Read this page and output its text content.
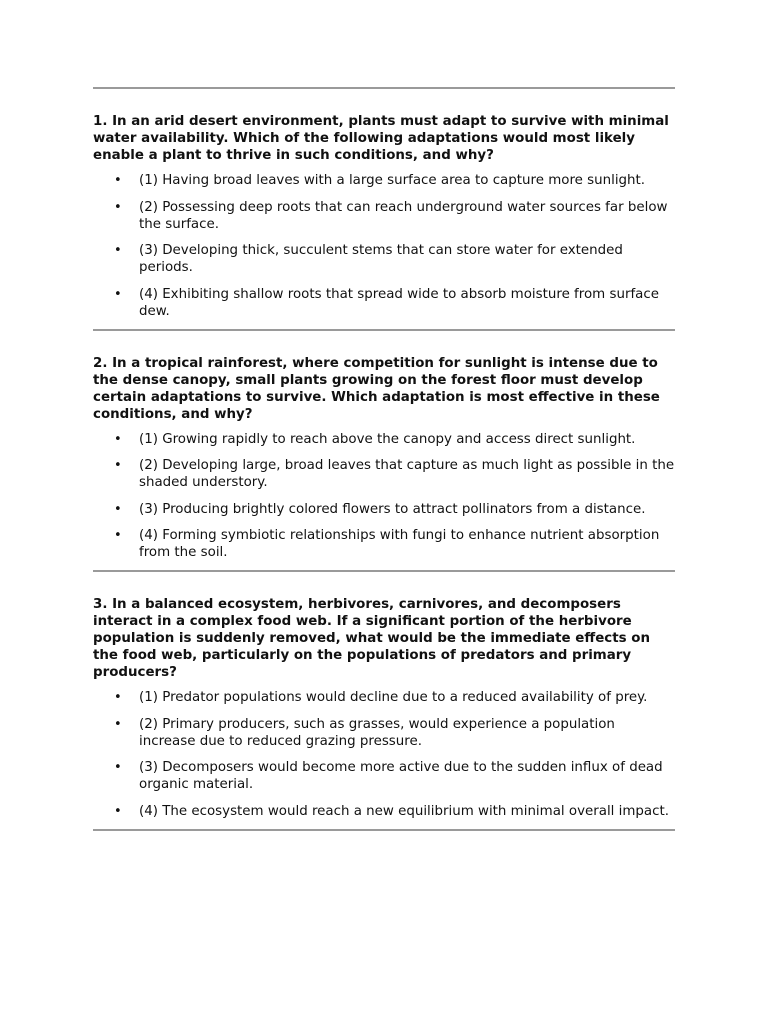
1. In an arid desert environment, plants must adapt to survive with minimal water availability. Which of the following adaptations would most likely enable a plant to thrive in such conditions, and why?

• (1) Having broad leaves with a large surface area to capture more sunlight.
• (2) Possessing deep roots that can reach underground water sources far below the surface.
• (3) Developing thick, succulent stems that can store water for extended periods.
• (4) Exhibiting shallow roots that spread wide to absorb moisture from surface dew.

2. In a tropical rainforest, where competition for sunlight is intense due to the dense canopy, small plants growing on the forest floor must develop certain adaptations to survive. Which adaptation is most effective in these conditions, and why?

• (1) Growing rapidly to reach above the canopy and access direct sunlight.
• (2) Developing large, broad leaves that capture as much light as possible in the shaded understory.
• (3) Producing brightly colored flowers to attract pollinators from a distance.
• (4) Forming symbiotic relationships with fungi to enhance nutrient absorption from the soil.

3. In a balanced ecosystem, herbivores, carnivores, and decomposers interact in a complex food web. If a significant portion of the herbivore population is suddenly removed, what would be the immediate effects on the food web, particularly on the populations of predators and primary producers?

• (1) Predator populations would decline due to a reduced availability of prey.
• (2) Primary producers, such as grasses, would experience a population increase due to reduced grazing pressure.
• (3) Decomposers would become more active due to the sudden influx of dead organic material.
• (4) The ecosystem would reach a new equilibrium with minimal overall impact.
